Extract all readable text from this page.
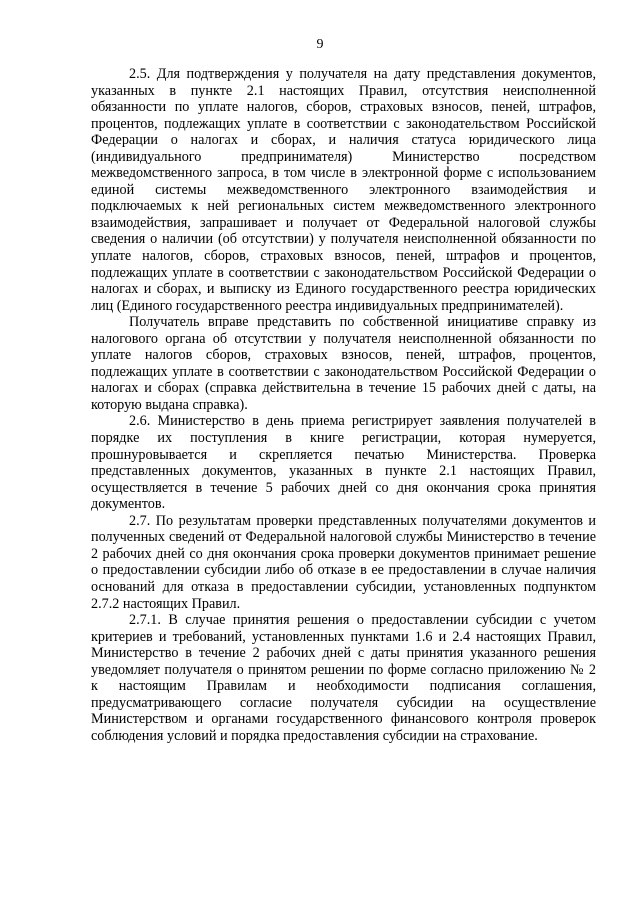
9

2.5. Для подтверждения у получателя на дату представления документов, указанных в пункте 2.1 настоящих Правил, отсутствия неисполненной обязанности по уплате налогов, сборов, страховых взносов, пеней, штрафов, процентов, подлежащих уплате в соответствии с законодательством Российской Федерации о налогах и сборах, и наличия статуса юридического лица (индивидуального предпринимателя) Министерство посредством межведомственного запроса, в том числе в электронной форме с использованием единой системы межведомственного электронного взаимодействия и подключаемых к ней региональных систем межведомственного электронного взаимодействия, запрашивает и получает от Федеральной налоговой службы сведения о наличии (об отсутствии) у получателя неисполненной обязанности по уплате налогов, сборов, страховых взносов, пеней, штрафов и процентов, подлежащих уплате в соответствии с законодательством Российской Федерации о налогах и сборах, и выписку из Единого государственного реестра юридических лиц (Единого государственного реестра индивидуальных предпринимателей).

Получатель вправе представить по собственной инициативе справку из налогового органа об отсутствии у получателя неисполненной обязанности по уплате налогов сборов, страховых взносов, пеней, штрафов, процентов, подлежащих уплате в соответствии с законодательством Российской Федерации о налогах и сборах (справка действительна в течение 15 рабочих дней с даты, на которую выдана справка).

2.6. Министерство в день приема регистрирует заявления получателей в порядке их поступления в книге регистрации, которая нумеруется, прошнуровывается и скрепляется печатью Министерства. Проверка представленных документов, указанных в пункте 2.1 настоящих Правил, осуществляется в течение 5 рабочих дней со дня окончания срока принятия документов.

2.7. По результатам проверки представленных получателями документов и полученных сведений от Федеральной налоговой службы Министерство в течение 2 рабочих дней со дня окончания срока проверки документов принимает решение о предоставлении субсидии либо об отказе в ее предоставлении в случае наличия оснований для отказа в предоставлении субсидии, установленных подпунктом 2.7.2 настоящих Правил.

2.7.1. В случае принятия решения о предоставлении субсидии с учетом критериев и требований, установленных пунктами 1.6 и 2.4 настоящих Правил, Министерство в течение 2 рабочих дней с даты принятия указанного решения уведомляет получателя о принятом решении по форме согласно приложению № 2 к настоящим Правилам и необходимости подписания соглашения, предусматривающего согласие получателя субсидии на осуществление Министерством и органами государственного финансового контроля проверок соблюдения условий и порядка предоставления субсидии на страхование.
